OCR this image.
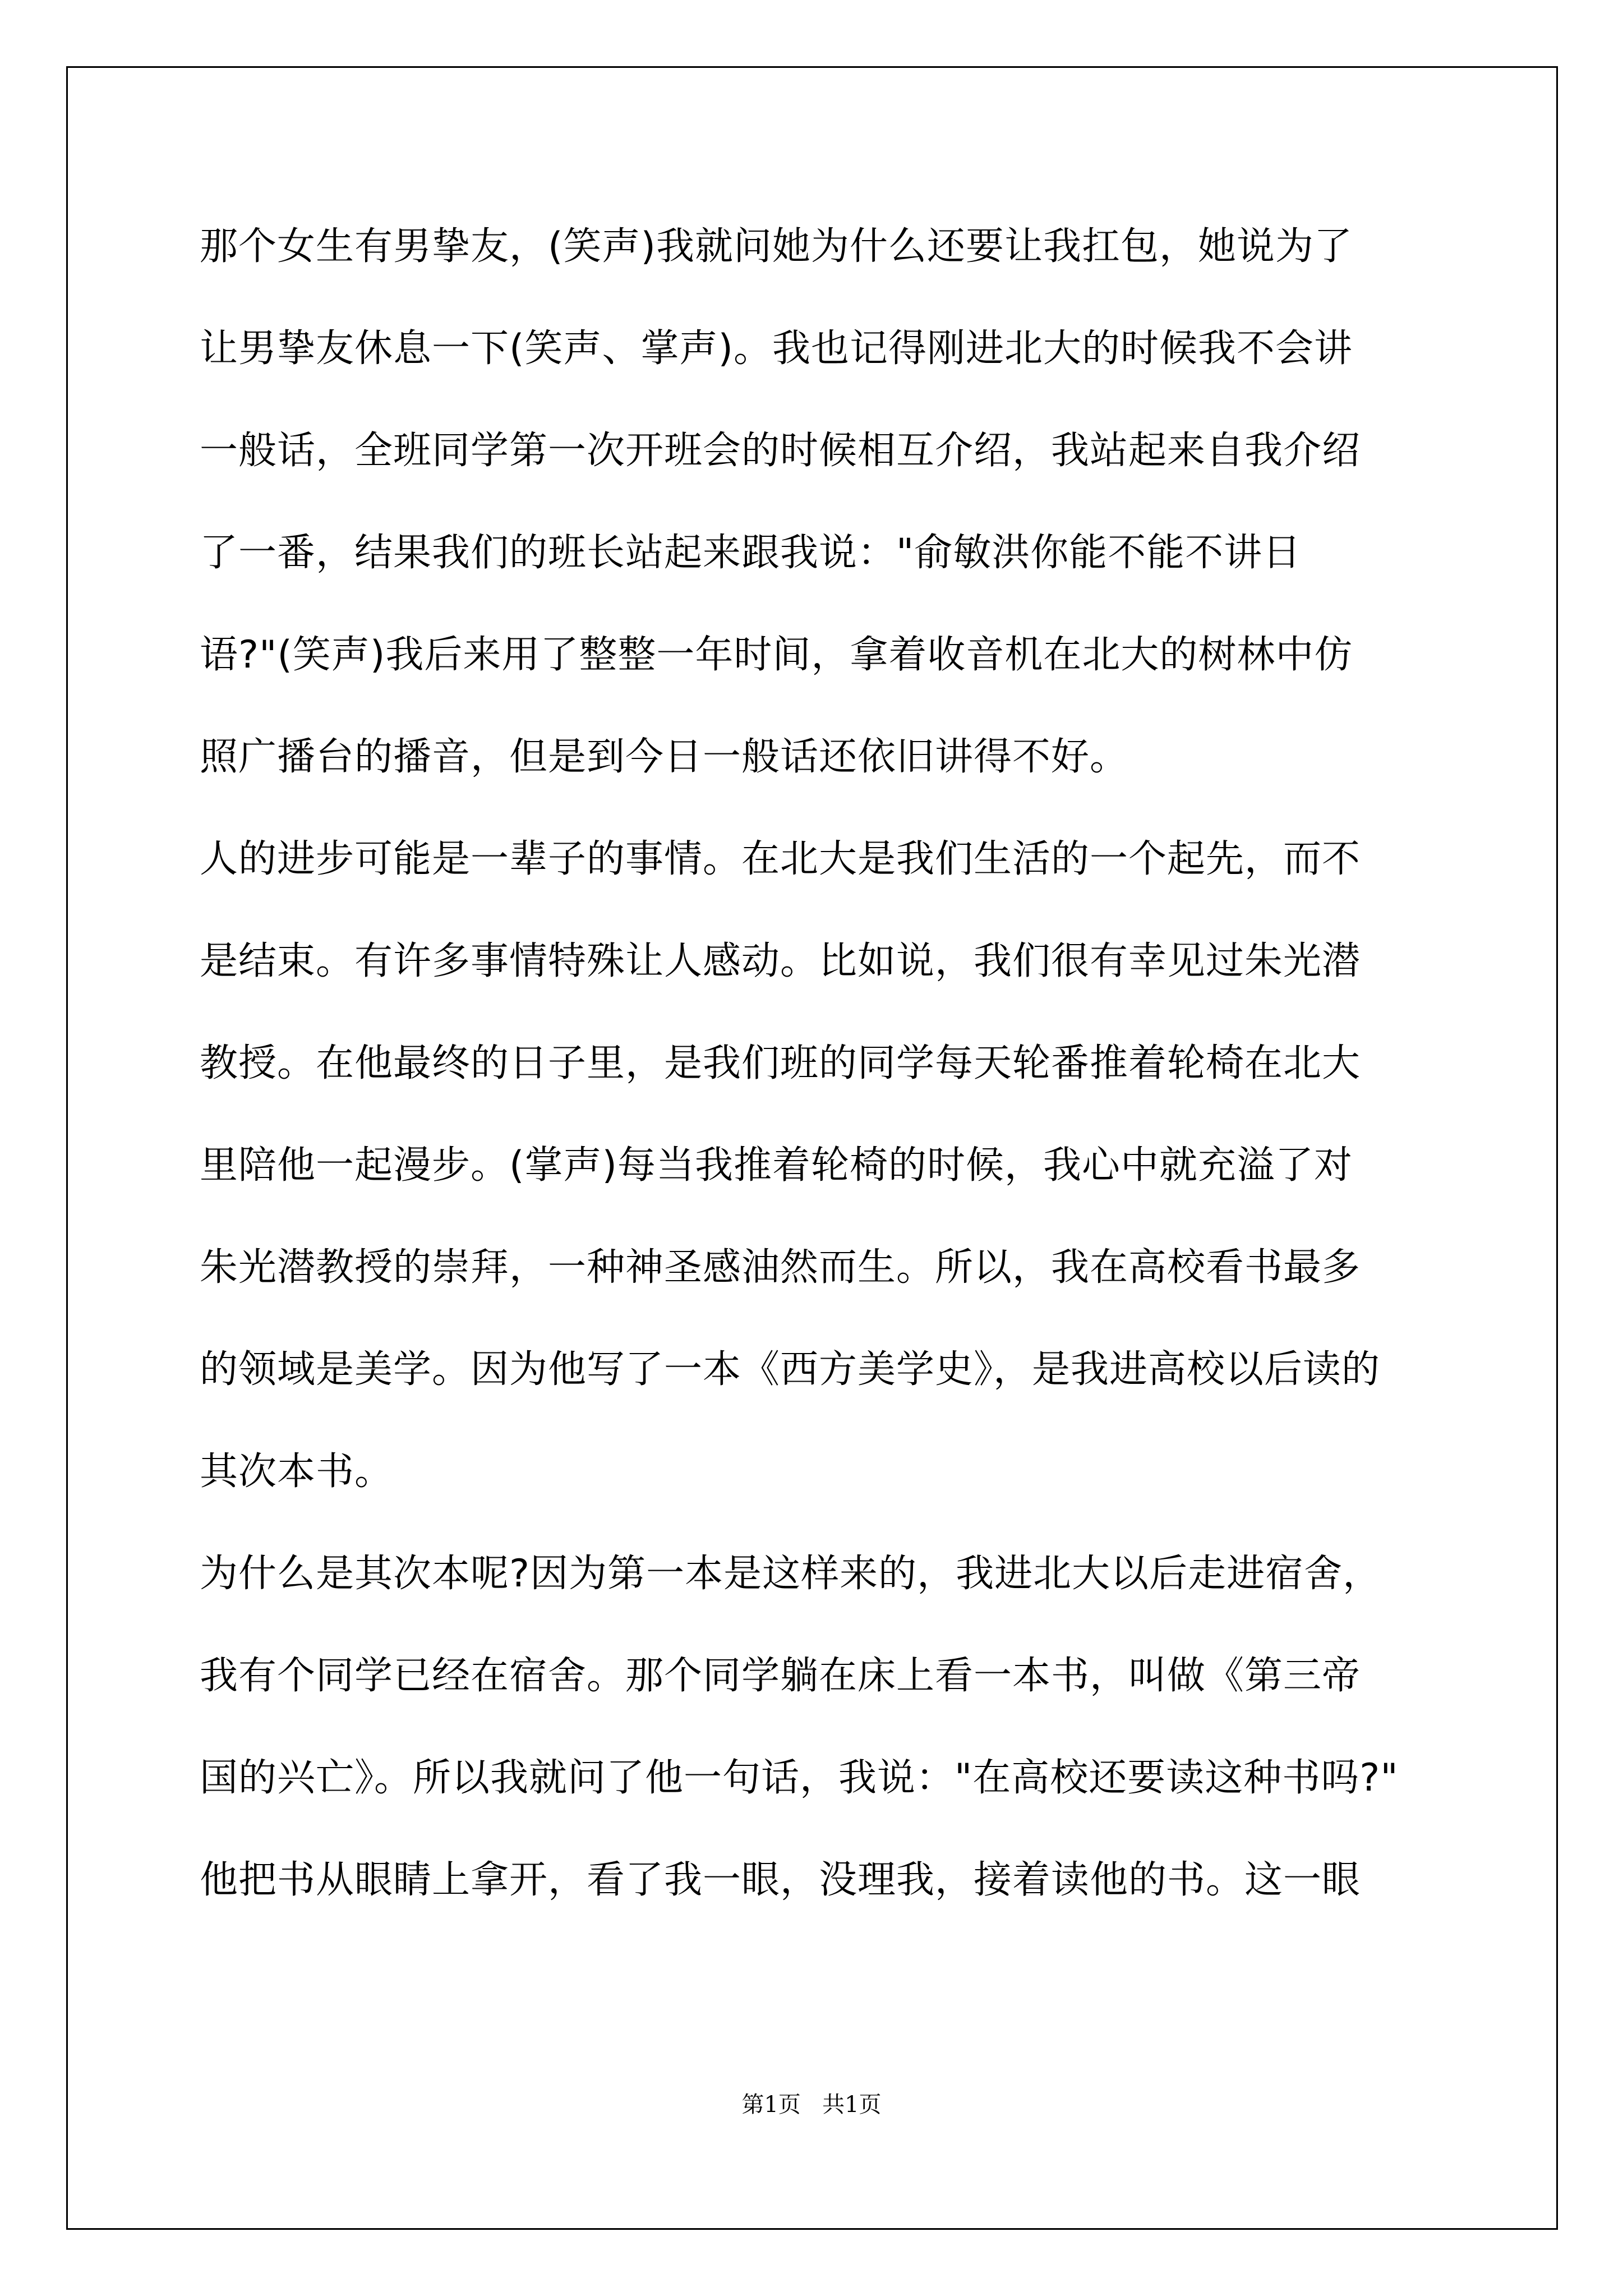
那个女生有男挚友，(笑声)我就问她为什么还要让我扛包，她说为了
让男挚友休息一下(笑声、掌声)。我也记得刚进北大的时候我不会讲
一般话，全班同学第一次开班会的时候相互介绍，我站起来自我介绍
了一番，结果我们的班长站起来跟我说："俞敏洪你能不能不讲日
语?"(笑声)我后来用了整整一年时间，拿着收音机在北大的树林中仿
照广播台的播音，但是到今日一般话还依旧讲得不好。
人的进步可能是一辈子的事情。在北大是我们生活的一个起先，而不
是结束。有许多事情特殊让人感动。比如说，我们很有幸见过朱光潜
教授。在他最终的日子里，是我们班的同学每天轮番推着轮椅在北大
里陪他一起漫步。(掌声)每当我推着轮椅的时候，我心中就充溢了对
朱光潜教授的崇拜，一种神圣感油然而生。所以，我在高校看书最多
的领域是美学。因为他写了一本《西方美学史》，是我进高校以后读的
其次本书。
为什么是其次本呢?因为第一本是这样来的，我进北大以后走进宿舍，
我有个同学已经在宿舍。那个同学躺在床上看一本书，叫做《第三帝
国的兴亡》。所以我就问了他一句话，我说："在高校还要读这种书吗?"
他把书从眼睛上拿开，看了我一眼，没理我，接着读他的书。这一眼
第1页 共1页
